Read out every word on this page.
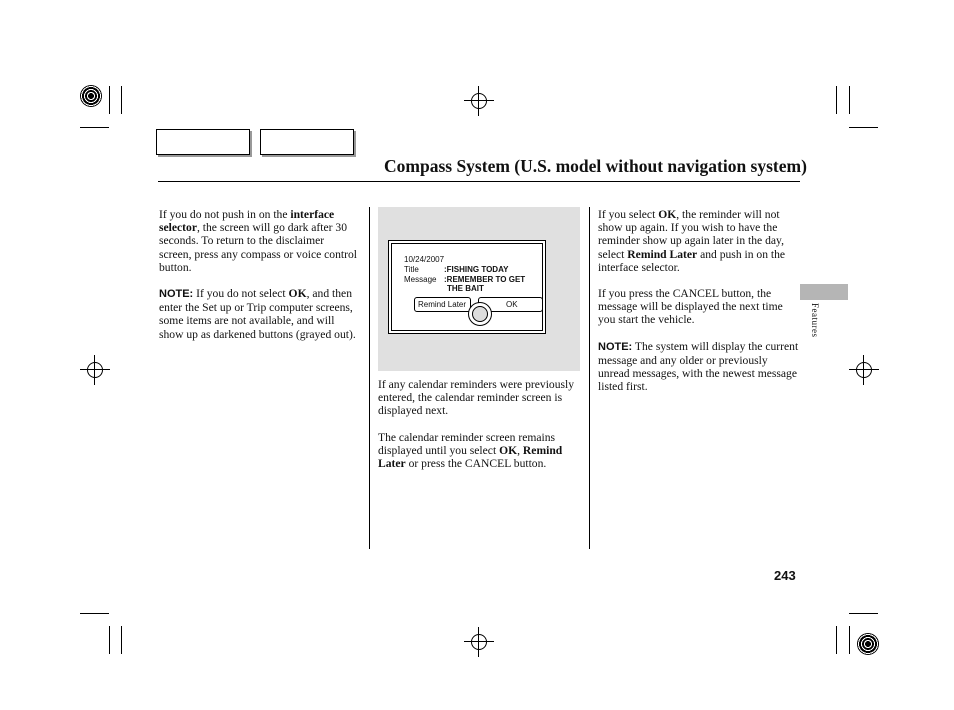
Compass System (U.S. model without navigation system)

If you do not push in on the interface selector, the screen will go dark after 30 seconds. To return to the disclaimer screen, press any compass or voice control button.

NOTE: If you do not select OK, and then enter the Set up or Trip computer screens, some items are not available, and will show up as darkened buttons (grayed out).

10/24/2007
Title	:FISHING TODAY
Message :REMEMBER TO GET
THE BAIT
Remind Later	OK

If any calendar reminders were previously entered, the calendar reminder screen is displayed next.

The calendar reminder screen remains displayed until you select OK, Remind Later or press the CANCEL button.

If you select OK, the reminder will not show up again. If you wish to have the reminder show up again later in the day, select Remind Later and push in on the interface selector.

If you press the CANCEL button, the message will be displayed the next time you start the vehicle.

NOTE: The system will display the current message and any older or previously unread messages, with the newest message listed first.

Features
243
